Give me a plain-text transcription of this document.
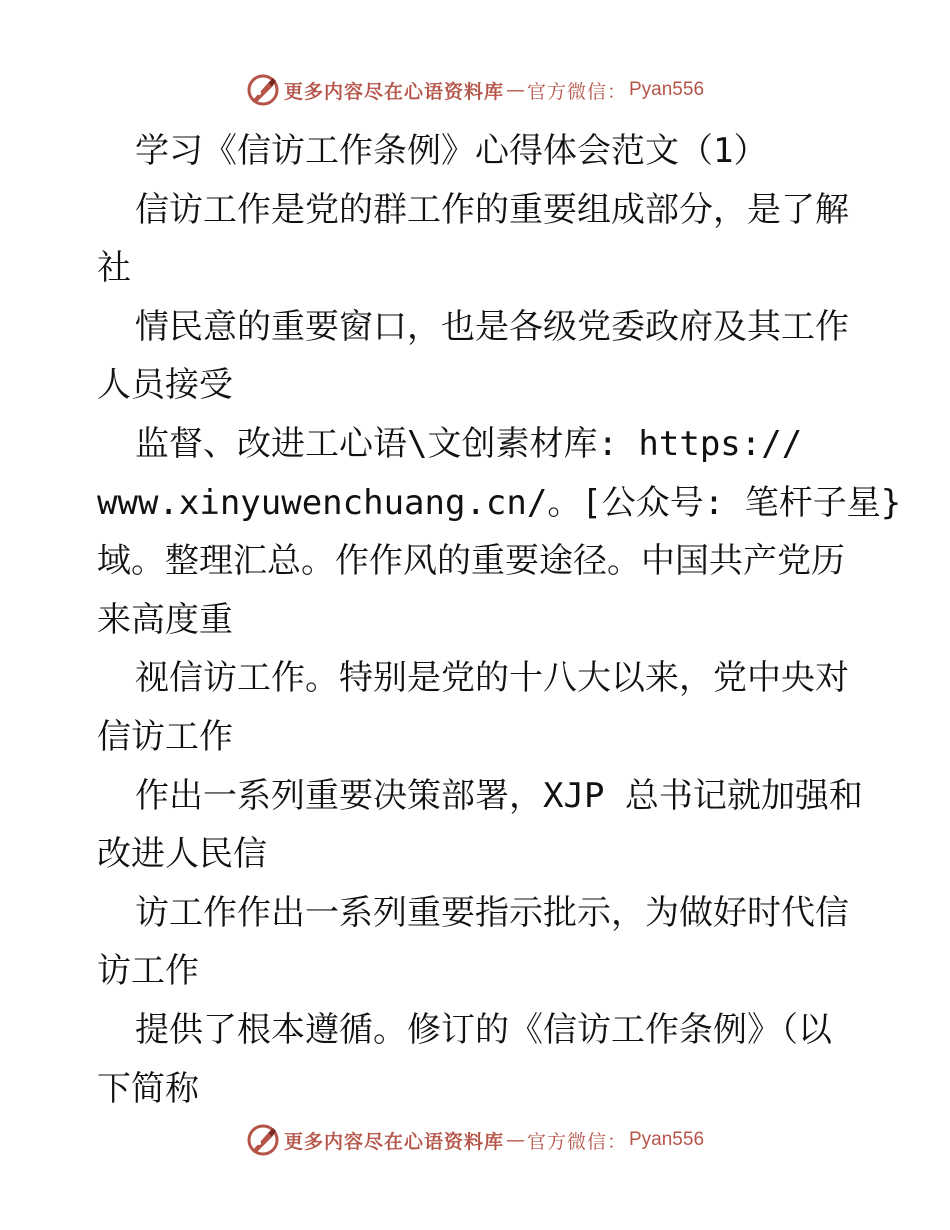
更多内容尽在心语资料库 — 官方微信： Pyan556
学习《信访工作条例》心得体会范文（1）
信访工作是党的群工作的重要组成部分，是了解
社
情民意的重要窗口，也是各级党委政府及其工作
人员接受
监督、改进工心语\文创素材库: https://
www.xinyuwenchuang.cn/。[公众号: 笔杆子星}
域。整理汇总。作作风的重要途径。中国共产党历
来高度重
视信访工作。特别是党的十八大以来，党中央对
信访工作
作出一系列重要决策部署，XJP 总书记就加强和
改进人民信
访工作作出一系列重要指示批示，为做好时代信
访工作
提供了根本遵循。修订的《信访工作条例》（以
下简称
更多内容尽在心语资料库 — 官方微信： Pyan556
